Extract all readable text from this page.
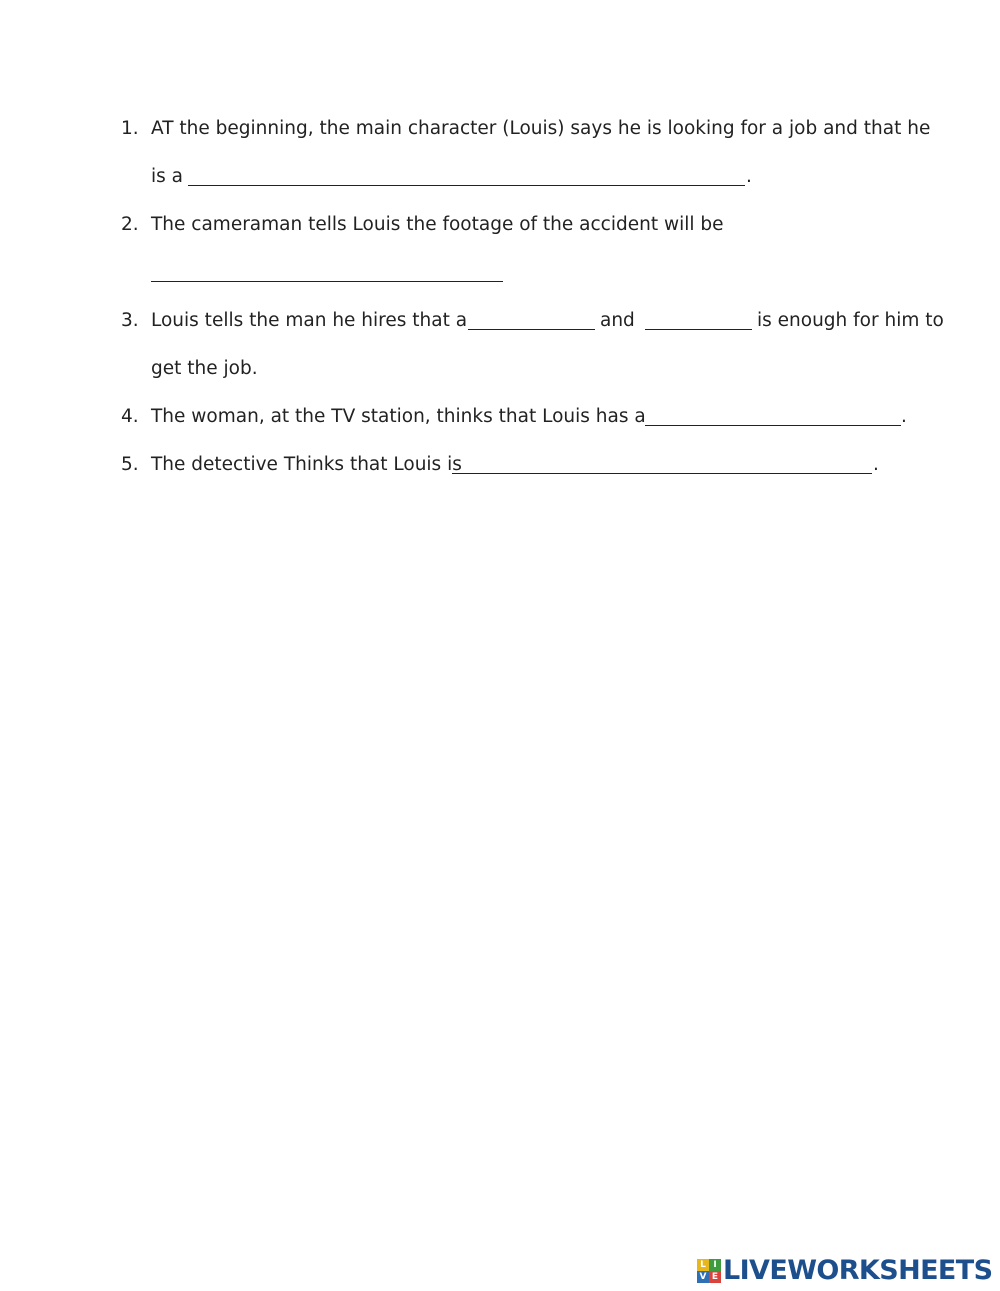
1. AT the beginning, the main character (Louis) says he is looking for a job and that he
is a	.
2. The cameraman tells Louis the footage of the accident will be
3. Louis tells the man he hires that a	and	is enough for him to
get the job.
4. The woman, at the TV station, thinks that Louis has a	.
5. The detective Thinks that Louis is	.
L I
V E LIVEWORKSHEETS
